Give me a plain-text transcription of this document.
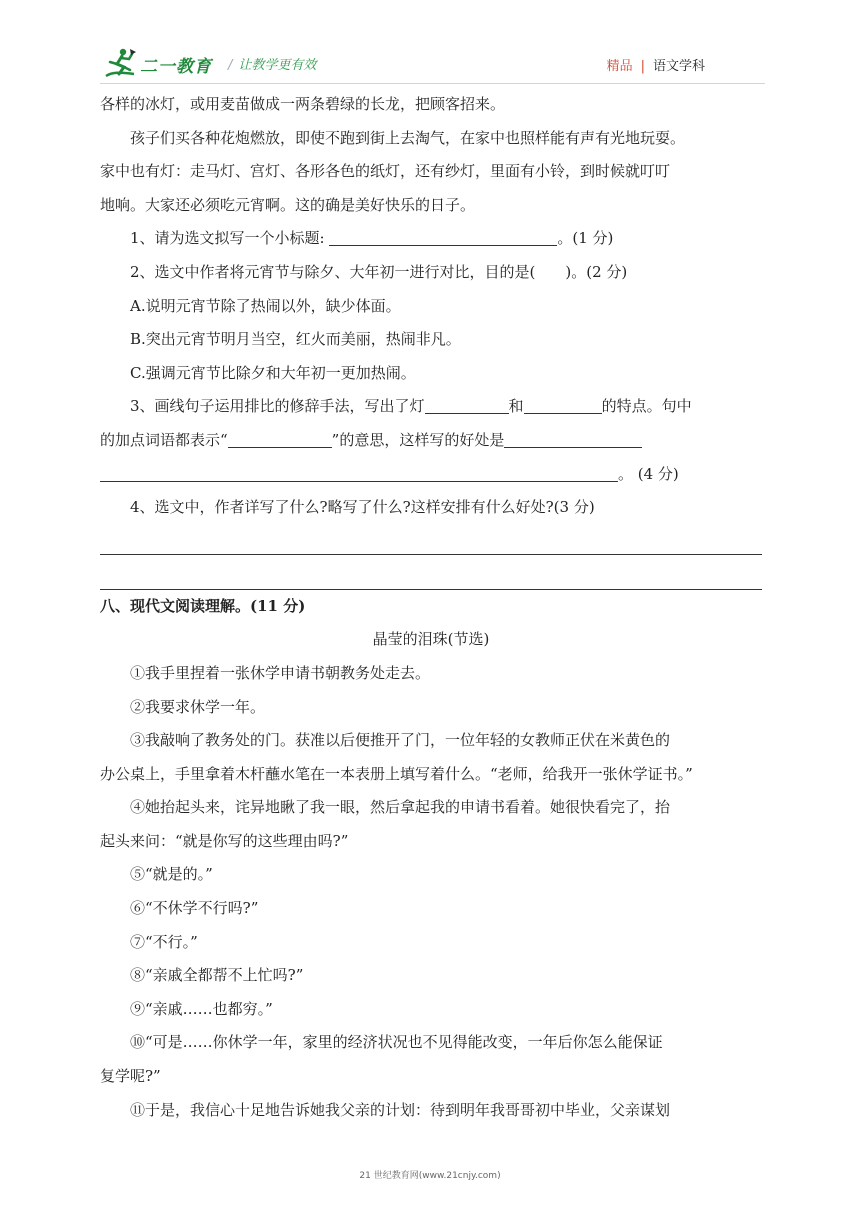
二一教育 / 让教学更有效	精品 | 语文学科

各样的冰灯，或用麦苗做成一两条碧绿的长龙，把顾客招来。

孩子们买各种花炮燃放，即使不跑到街上去淘气，在家中也照样能有声有光地玩耍。

家中也有灯：走马灯、宫灯、各形各色的纸灯，还有纱灯，里面有小铃，到时候就叮叮

地响。大家还必须吃元宵啊。这的确是美好快乐的日子。

1、请为选文拟写一个小标题:	。(1 分)

2、选文中作者将元宵节与除夕、大年初一进行对比，目的是(　　)。(2 分)

A.说明元宵节除了热闹以外，缺少体面。

B.突出元宵节明月当空，红火而美丽，热闹非凡。

C.强调元宵节比除夕和大年初一更加热闹。

3、画线句子运用排比的修辞手法，写出了灯	和	的特点。句中

的加点词语都表示“	”的意思，这样写的好处是

。 (4 分)

4、选文中，作者详写了什么?略写了什么?这样安排有什么好处?(3 分)

八、现代文阅读理解。(11 分)

晶莹的泪珠(节选)

①我手里捏着一张休学申请书朝教务处走去。

②我要求休学一年。

③我敲响了教务处的门。获准以后便推开了门，一位年轻的女教师正伏在米黄色的

办公桌上，手里拿着木杆蘸水笔在一本表册上填写着什么。“老师，给我开一张休学证书。”

④她抬起头来，诧异地瞅了我一眼，然后拿起我的申请书看着。她很快看完了，抬

起头来问：“就是你写的这些理由吗?”

⑤“就是的。”

⑥“不休学不行吗?”

⑦“不行。”

⑧“亲戚全都帮不上忙吗?”

⑨“亲戚……也都穷。”

⑩“可是……你休学一年，家里的经济状况也不见得能改变，一年后你怎么能保证

复学呢?”

⑪于是，我信心十足地告诉她我父亲的计划：待到明年我哥哥初中毕业，父亲谋划

21 世纪教育网(www.21cnjy.com)
